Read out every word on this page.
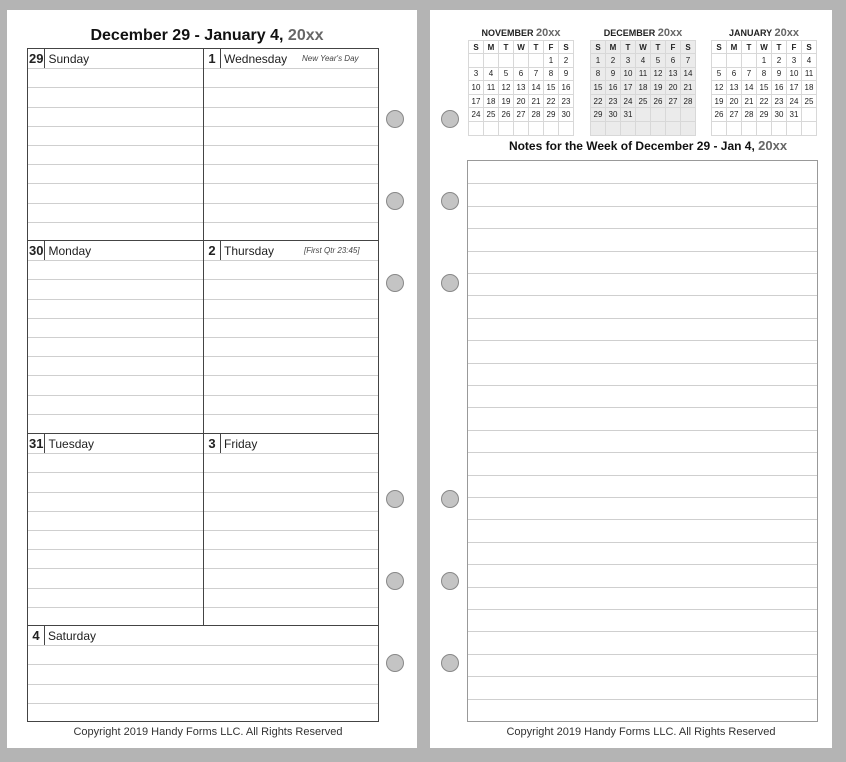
December 29 - January 4, 20xx
29 Sunday	1 Wednesday New Year's Day
30 Monday	2 Thursday	[First Qtr 23:45]
31 Tuesday	3 Friday
4 Saturday
Copyright 2019 Handy Forms LLC. All Rights Reserved
NOVEMBER 20xx
S	M	T	W	T	F	S
					1	2
3	4	5	6	7	8	9
10	11	12	13	14	15	16
17	18	19	20	21	22	23
24	25	26	27	28	29	30

DECEMBER 20xx
S	M	T	W	T	F	S
1	2	3	4	5	6	7
8	9	10	11	12	13	14
15	16	17	18	19	20	21
22	23	24	25	26	27	28
29	30	31				

JANUARY 20xx
S	M	T	W	T	F	S
			1	2	3	4
5	6	7	8	9	10	11
12	13	14	15	16	17	18
19	20	21	22	23	24	25
26	27	28	29	30	31	

Notes for the Week of December 29 - Jan 4, 20xx
Copyright 2019 Handy Forms LLC. All Rights Reserved
